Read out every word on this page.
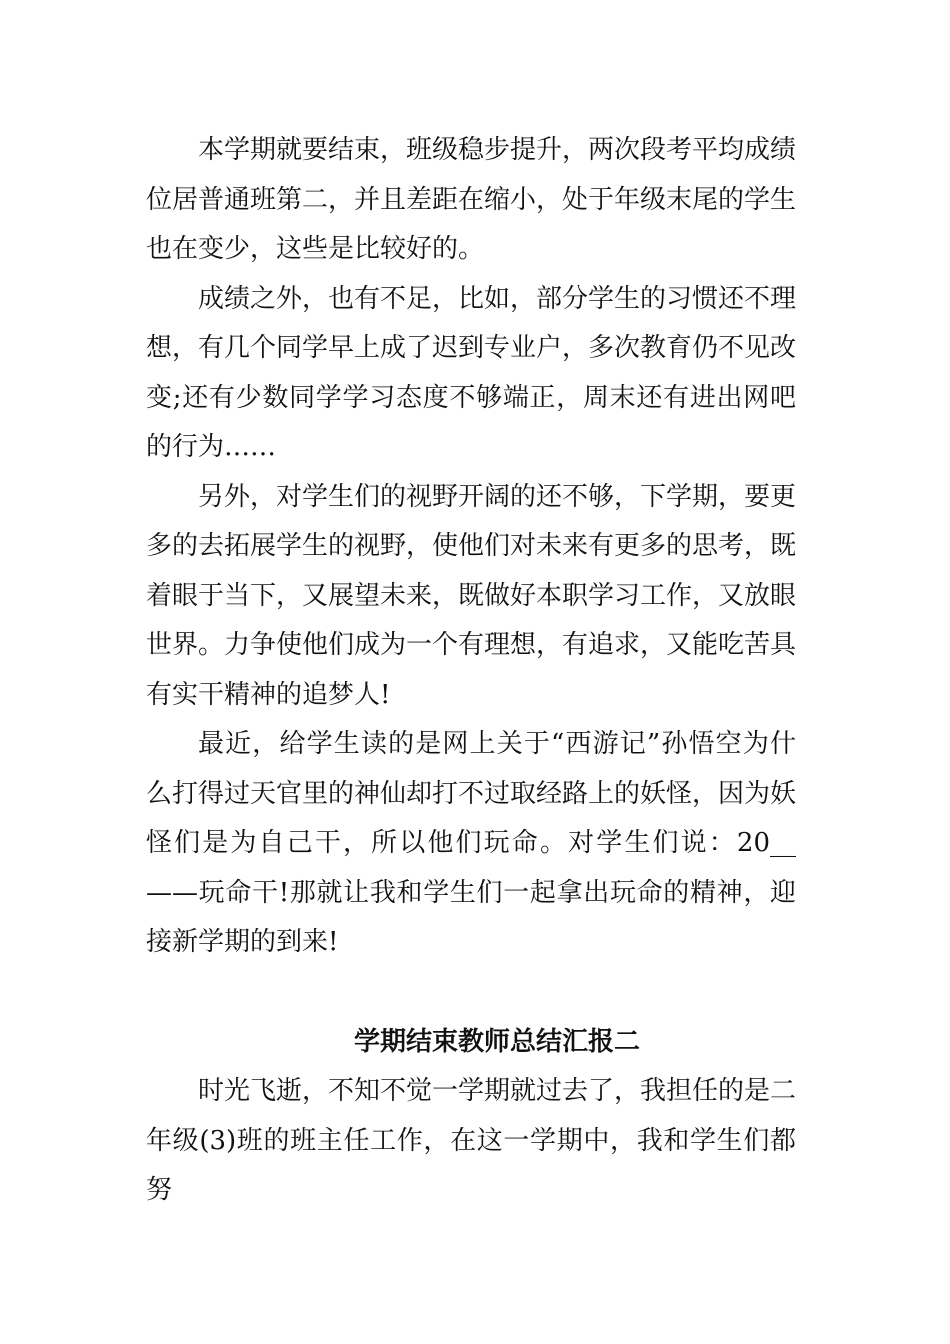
本学期就要结束，班级稳步提升，两次段考平均成绩位居普通班第二，并且差距在缩小，处于年级末尾的学生也在变少，这些是比较好的。

成绩之外，也有不足，比如，部分学生的习惯还不理想，有几个同学早上成了迟到专业户，多次教育仍不见改变;还有少数同学学习态度不够端正，周末还有进出网吧的行为……

另外，对学生们的视野开阔的还不够，下学期，要更多的去拓展学生的视野，使他们对未来有更多的思考，既着眼于当下，又展望未来，既做好本职学习工作，又放眼世界。力争使他们成为一个有理想，有追求，又能吃苦具有实干精神的追梦人!

最近，给学生读的是网上关于“西游记”孙悟空为什么打得过天官里的神仙却打不过取经路上的妖怪，因为妖怪们是为自己干，所以他们玩命。对学生们说：20__——玩命干!那就让我和学生们一起拿出玩命的精神，迎接新学期的到来!

学期结束教师总结汇报二

时光飞逝，不知不觉一学期就过去了，我担任的是二年级(3)班的班主任工作，在这一学期中，我和学生们都努
